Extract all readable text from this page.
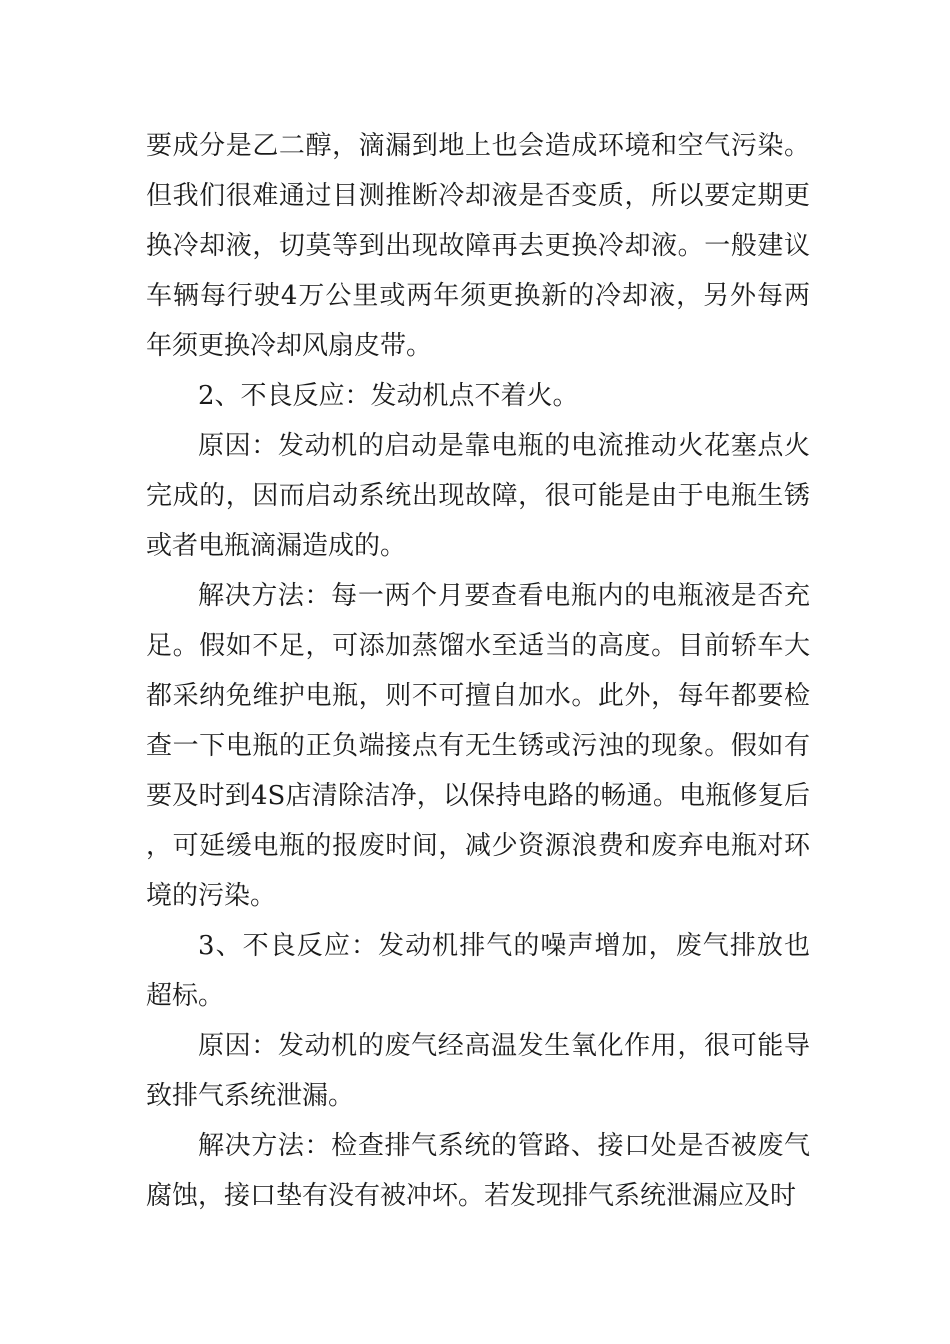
要成分是乙二醇，滴漏到地上也会造成环境和空气污染。但我们很难通过目测推断冷却液是否变质，所以要定期更换冷却液，切莫等到出现故障再去更换冷却液。一般建议车辆每行驶4万公里或两年须更换新的冷却液，另外每两年须更换冷却风扇皮带。

2、不良反应：发动机点不着火。

原因：发动机的启动是靠电瓶的电流推动火花塞点火完成的，因而启动系统出现故障，很可能是由于电瓶生锈或者电瓶滴漏造成的。

解决方法：每一两个月要查看电瓶内的电瓶液是否充足。假如不足，可添加蒸馏水至适当的高度。目前轿车大都采纳免维护电瓶，则不可擅自加水。此外，每年都要检查一下电瓶的正负端接点有无生锈或污浊的现象。假如有要及时到4S店清除洁净，以保持电路的畅通。电瓶修复后，可延缓电瓶的报废时间，减少资源浪费和废弃电瓶对环境的污染。

3、不良反应：发动机排气的噪声增加，废气排放也超标。

原因：发动机的废气经高温发生氧化作用，很可能导致排气系统泄漏。

解决方法：检查排气系统的管路、接口处是否被废气腐蚀，接口垫有没有被冲坏。若发现排气系统泄漏应及时
